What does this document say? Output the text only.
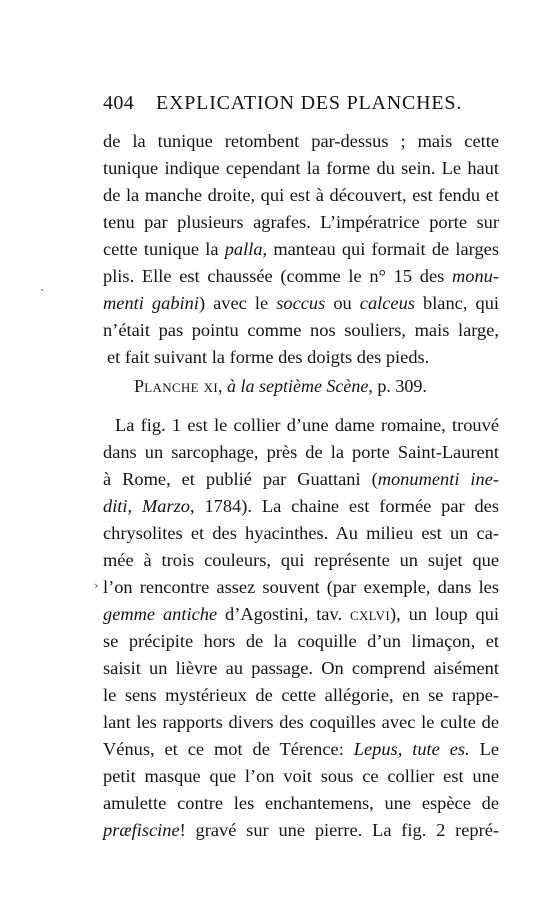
404 EXPLICATION DES PLANCHES.
de la tunique retombent par-dessus ; mais cette
tunique indique cependant la forme du sein. Le haut
de la manche droite, qui est à découvert, est fendu et
tenu par plusieurs agrafes. L’impératrice porte sur
cette tunique la palla, manteau qui formait de larges
plis. Elle est chaussée (comme le n° 15 des monu-
menti gabini) avec le soccus ou calceus blanc, qui
n’était pas pointu comme nos souliers, mais large,
et fait suivant la forme des doigts des pieds.
Planche xi, à la septième Scène, p. 309.
La fig. 1 est le collier d’une dame romaine, trouvé
dans un sarcophage, près de la porte Saint-Laurent
à Rome, et publié par Guattani (monumenti ine-
diti, Marzo, 1784). La chaine est formée par des
chrysolites et des hyacinthes. Au milieu est un ca-
mée à trois couleurs, qui représente un sujet que
l’on rencontre assez souvent (par exemple, dans les
gemme antiche d’Agostini, tav. cxlvi), un loup qui
se précipite hors de la coquille d’un limaçon, et
saisit un lièvre au passage. On comprend aisément
le sens mystérieux de cette allégorie, en se rappe-
lant les rapports divers des coquilles avec le culte de
Vénus, et ce mot de Térence: Lepus, tute es. Le
petit masque que l’on voit sous ce collier est une
amulette contre les enchantemens, une espèce de
præfiscine! gravé sur une pierre. La fig. 2 repré-
ˋ
›
